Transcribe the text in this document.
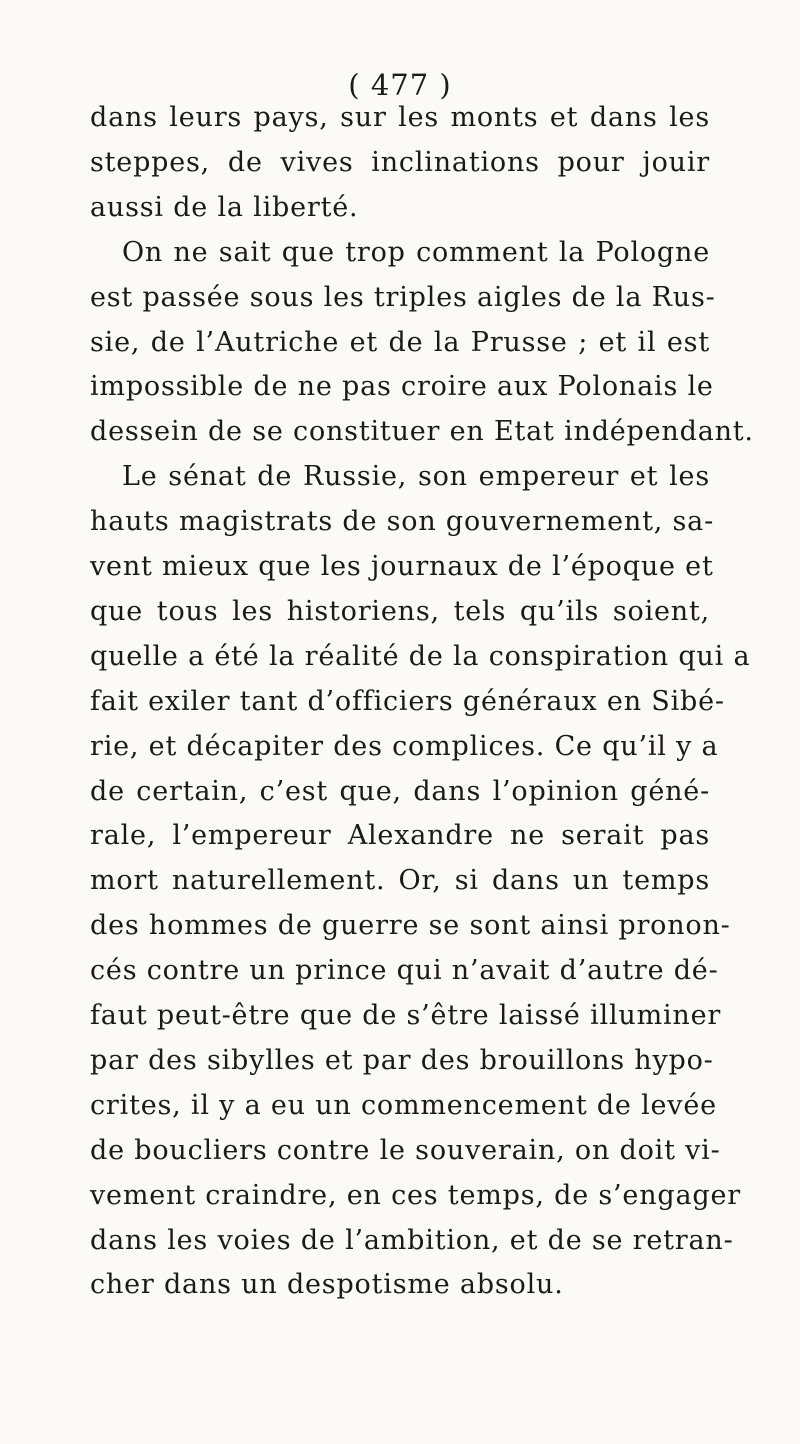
( 477 )
dans leurs pays, sur les monts et dans les
steppes, de vives inclinations pour jouir
aussi de la liberté.
On ne sait que trop comment la Pologne
est passée sous les triples aigles de la Rus-
sie, de l’Autriche et de la Prusse ; et il est
impossible de ne pas croire aux Polonais le
dessein de se constituer en Etat indépendant.
Le sénat de Russie, son empereur et les
hauts magistrats de son gouvernement, sa-
vent mieux que les journaux de l’époque et
que tous les historiens, tels qu’ils soient,
quelle a été la réalité de la conspiration qui a
fait exiler tant d’officiers généraux en Sibé-
rie, et décapiter des complices. Ce qu’il y a
de certain, c’est que, dans l’opinion géné-
rale, l’empereur Alexandre ne serait pas
mort naturellement. Or, si dans un temps
des hommes de guerre se sont ainsi pronon-
cés contre un prince qui n’avait d’autre dé-
faut peut-être que de s’être laissé illuminer
par des sibylles et par des brouillons hypo-
crites, il y a eu un commencement de levée
de boucliers contre le souverain, on doit vi-
vement craindre, en ces temps, de s’engager
dans les voies de l’ambition, et de se retran-
cher dans un despotisme absolu.
